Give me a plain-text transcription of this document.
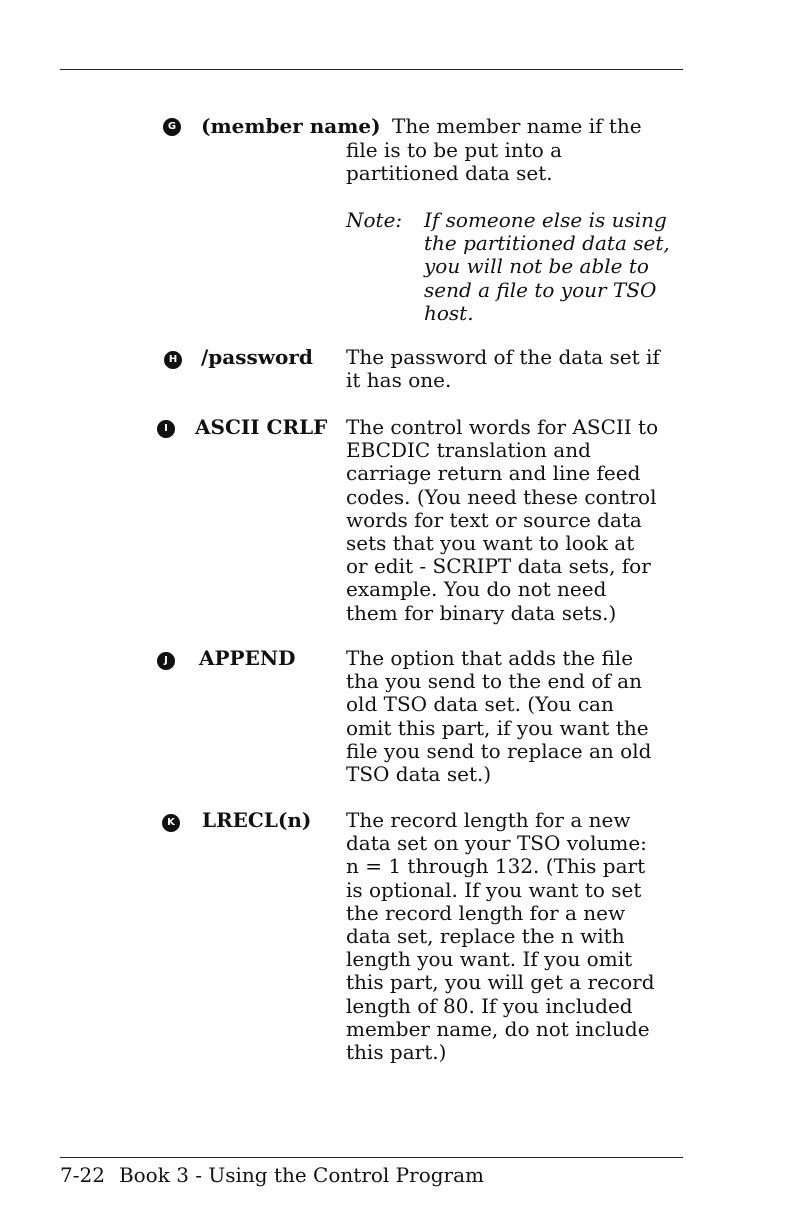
G (member name) The member name if the
file is to be put into a
partitioned data set.
Note: If someone else is using
the partitioned data set,
you will not be able to
send a file to your TSO
host.
H /password The password of the data set if
it has one.
I	ASCII CRLF The control words for ASCII to
EBCDIC translation and
carriage return and line feed
codes. (You need these control
words for text or source data
sets that you want to look at
or edit - SCRIPT data sets, for
example. You do not need
them for binary data sets.)
J	APPEND	The option that adds the file
tha you send to the end of an
old TSO data set. (You can
omit this part, if you want the
file you send to replace an old
TSO data set.)
K LRECL(n) The record length for a new
data set on your TSO volume:
n = 1 through 132. (This part
is optional. If you want to set
the record length for a new
data set, replace the n with
length you want. If you omit
this part, you will get a record
length of 80. If you included
member name, do not include
this part.)
7-22 Book 3 - Using the Control Program
